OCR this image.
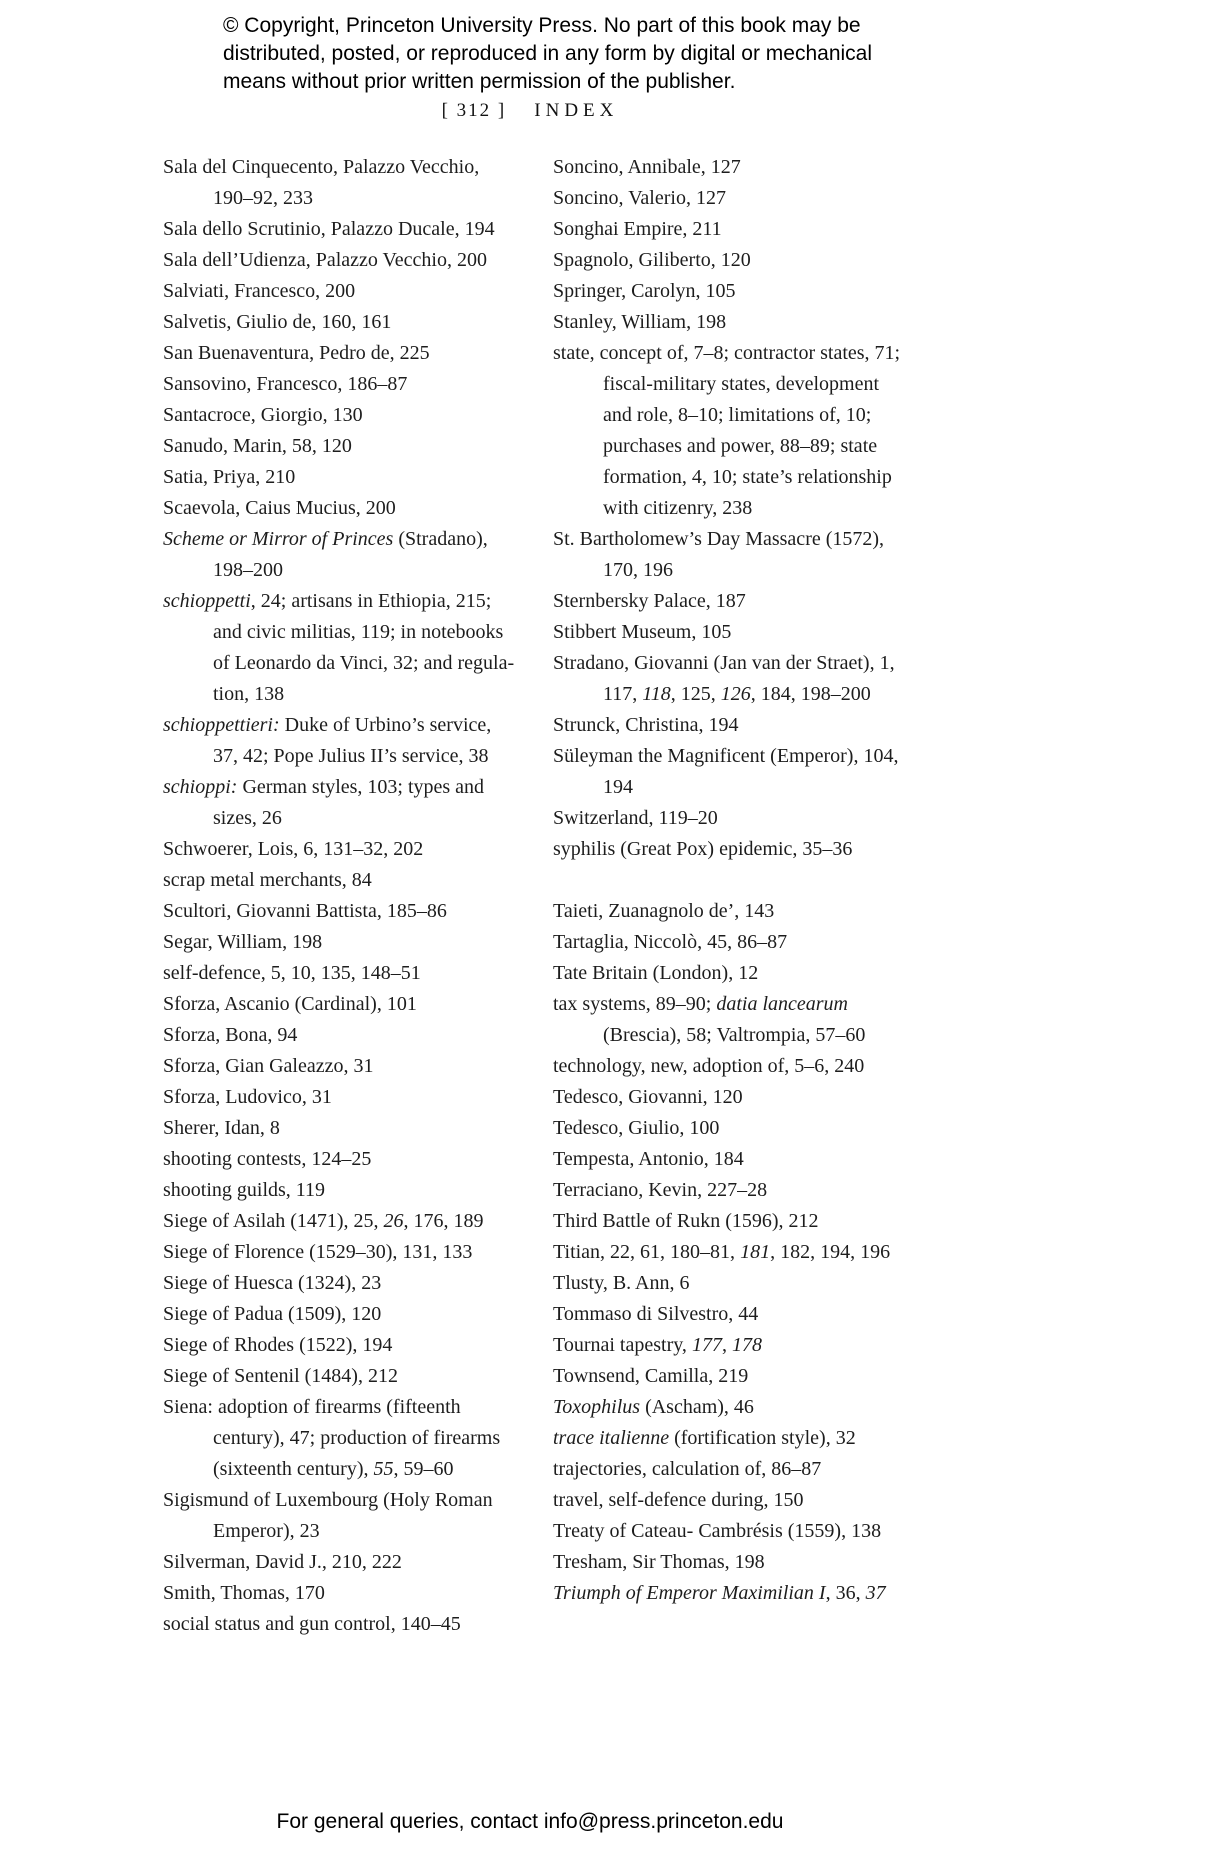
© Copyright, Princeton University Press. No part of this book may be
distributed, posted, or reproduced in any form by digital or mechanical
means without prior written permission of the publisher.
[ 312 ] INDEX
Sala del Cinquecento, Palazzo Vecchio, 190–92, 233
Sala dello Scrutinio, Palazzo Ducale, 194
Sala dell’Udienza, Palazzo Vecchio, 200
Salviati, Francesco, 200
Salvetis, Giulio de, 160, 161
San Buenaventura, Pedro de, 225
Sansovino, Francesco, 186–87
Santacroce, Giorgio, 130
Sanudo, Marin, 58, 120
Satia, Priya, 210
Scaevola, Caius Mucius, 200
Scheme or Mirror of Princes (Stradano), 198–200
schioppetti, 24; artisans in Ethiopia, 215; and civic militias, 119; in notebooks of Leonardo da Vinci, 32; and regulation, 138
schioppettieri: Duke of Urbino’s service, 37, 42; Pope Julius II’s service, 38
schioppi: German styles, 103; types and sizes, 26
Schwoerer, Lois, 6, 131–32, 202
scrap metal merchants, 84
Scultori, Giovanni Battista, 185–86
Segar, William, 198
self-defence, 5, 10, 135, 148–51
Sforza, Ascanio (Cardinal), 101
Sforza, Bona, 94
Sforza, Gian Galeazzo, 31
Sforza, Ludovico, 31
Sherer, Idan, 8
shooting contests, 124–25
shooting guilds, 119
Siege of Asilah (1471), 25, 26, 176, 189
Siege of Florence (1529–30), 131, 133
Siege of Huesca (1324), 23
Siege of Padua (1509), 120
Siege of Rhodes (1522), 194
Siege of Sentenil (1484), 212
Siena: adoption of firearms (fifteenth century), 47; production of firearms (sixteenth century), 55, 59–60
Sigismund of Luxembourg (Holy Roman Emperor), 23
Silverman, David J., 210, 222
Smith, Thomas, 170
social status and gun control, 140–45
Soncino, Annibale, 127
Soncino, Valerio, 127
Songhai Empire, 211
Spagnolo, Giliberto, 120
Springer, Carolyn, 105
Stanley, William, 198
state, concept of, 7–8; contractor states, 71; fiscal-military states, development and role, 8–10; limitations of, 10; purchases and power, 88–89; state formation, 4, 10; state’s relationship with citizenry, 238
St. Bartholomew’s Day Massacre (1572), 170, 196
Sternbersky Palace, 187
Stibbert Museum, 105
Stradano, Giovanni (Jan van der Straet), 1, 117, 118, 125, 126, 184, 198–200
Strunck, Christina, 194
Süleyman the Magnificent (Emperor), 104, 194
Switzerland, 119–20
syphilis (Great Pox) epidemic, 35–36
Taieti, Zuanagnolo de’, 143
Tartaglia, Niccolò, 45, 86–87
Tate Britain (London), 12
tax systems, 89–90; datia lancearum (Brescia), 58; Valtrompia, 57–60
technology, new, adoption of, 5–6, 240
Tedesco, Giovanni, 120
Tedesco, Giulio, 100
Tempesta, Antonio, 184
Terraciano, Kevin, 227–28
Third Battle of Rukn (1596), 212
Titian, 22, 61, 180–81, 181, 182, 194, 196
Tlusty, B. Ann, 6
Tommaso di Silvestro, 44
Tournai tapestry, 177, 178
Townsend, Camilla, 219
Toxophilus (Ascham), 46
trace italienne (fortification style), 32
trajectories, calculation of, 86–87
travel, self-defence during, 150
Treaty of Cateau- Cambrésis (1559), 138
Tresham, Sir Thomas, 198
Triumph of Emperor Maximilian I, 36, 37
For general queries, contact info@press.princeton.edu
